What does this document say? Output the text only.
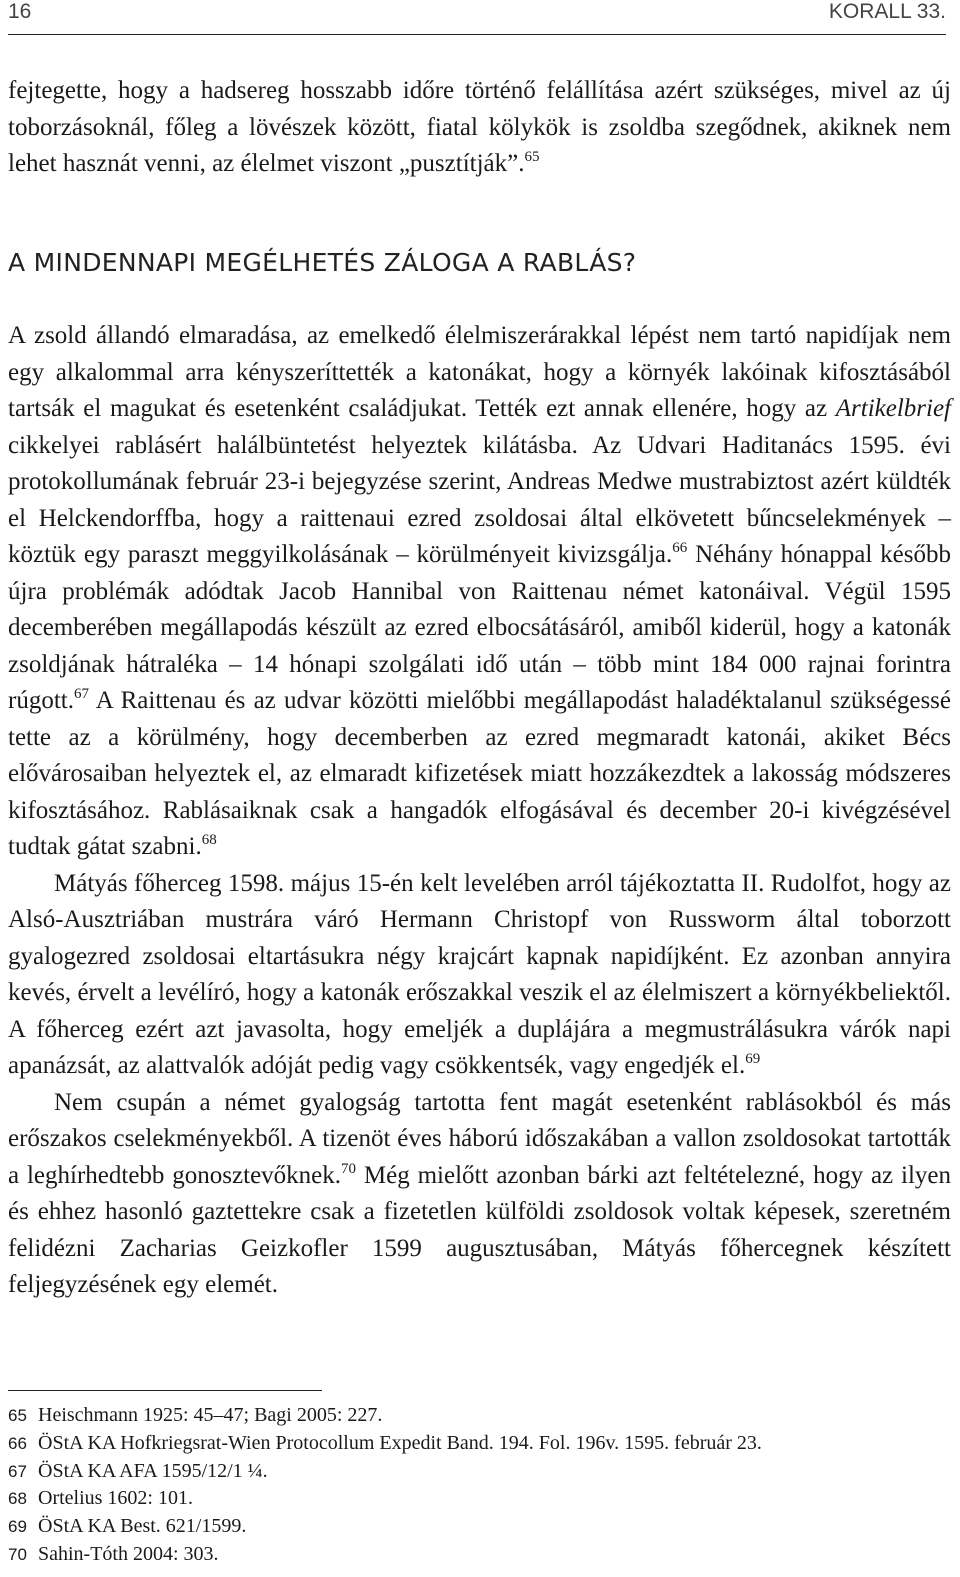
16	KORALL 33.

fejtegette, hogy a hadsereg hosszabb időre történő felállítása azért szükséges, mivel az új toborzásoknál, főleg a lövészek között, fiatal kölykök is zsoldba szegődnek, akiknek nem lehet hasznát venni, az élelmet viszont „pusztítják”.$^{65}$

A MINDENNAPI MEGÉLHETÉS ZÁLOGA A RABLÁS?

A zsold állandó elmaradása, az emelkedő élelmiszerárakkal lépést nem tartó napidíjak nem egy alkalommal arra kényszeríttették a katonákat, hogy a környék lakóinak kifosztásából tartsák el magukat és esetenként családjukat. Tették ezt annak ellenére, hogy az Artikelbrief cikkelyei rablásért halálbüntetést helyeztek kilátásba. Az Udvari Haditanács 1595. évi protokollumának február 23-i bejegyzése szerint, Andreas Medwe mustrabiztost azért küldték el Helckendorffba, hogy a raittenaui ezred zsoldosai által elkövetett bűncselekmények – köztük egy paraszt meggyilkolásának – körülményeit kivizsgálja.$^{66}$ Néhány hónappal később újra problémák adódtak Jacob Hannibal von Raittenau német katonáival. Végül 1595 decemberében megállapodás készült az ezred elbocsátásáról, amiből kiderül, hogy a katonák zsoldjának hátraléka – 14 hónapi szolgálati idő után – több mint 184 000 rajnai forintra rúgott.$^{67}$ A Raittenau és az udvar közötti mielőbbi megállapodást haladéktalanul szükségessé tette az a körülmény, hogy decemberben az ezred megmaradt katonái, akiket Bécs elővárosaiban helyeztek el, az elmaradt kifizetések miatt hozzákezdtek a lakosság módszeres kifosztásához. Rablásaiknak csak a hangadók elfogásával és december 20-i kivégzésével tudtak gátat szabni.$^{68}$

Mátyás főherceg 1598. május 15-én kelt levelében arról tájékoztatta II. Rudolfot, hogy az Alsó-Ausztriában mustrára váró Hermann Christopf von Russworm által toborzott gyalogezred zsoldosai eltartásukra négy krajcárt kapnak napidíjként. Ez azonban annyira kevés, érvelt a levélíró, hogy a katonák erőszakkal veszik el az élelmiszert a környékbeliektől. A főherceg ezért azt javasolta, hogy emeljék a duplájára a megmustrálásukra várók napi apanázsát, az alattvalók adóját pedig vagy csökkentsék, vagy engedjék el.$^{69}$

Nem csupán a német gyalogság tartotta fent magát esetenként rablásokból és más erőszakos cselekményekből. A tizenöt éves háború időszakában a vallon zsoldosokat tartották a leghírhedtebb gonosztevőknek.$^{70}$ Még mielőtt azonban bárki azt feltételezné, hogy az ilyen és ehhez hasonló gaztettekre csak a fizetetlen külföldi zsoldosok voltak képesek, szeretném felidézni Zacharias Geizkofler 1599 augusztusában, Mátyás főhercegnek készített feljegyzésének egy elemét.

65 Heischmann 1925: 45–47; Bagi 2005: 227.
66 ÖStA KA Hofkriegsrat-Wien Protocollum Expedit Band. 194. Fol. 196v. 1595. február 23.
67 ÖStA KA AFA 1595/12/1 ¼.
68 Ortelius 1602: 101.
69 ÖStA KA Best. 621/1599.
70 Sahin-Tóth 2004: 303.
